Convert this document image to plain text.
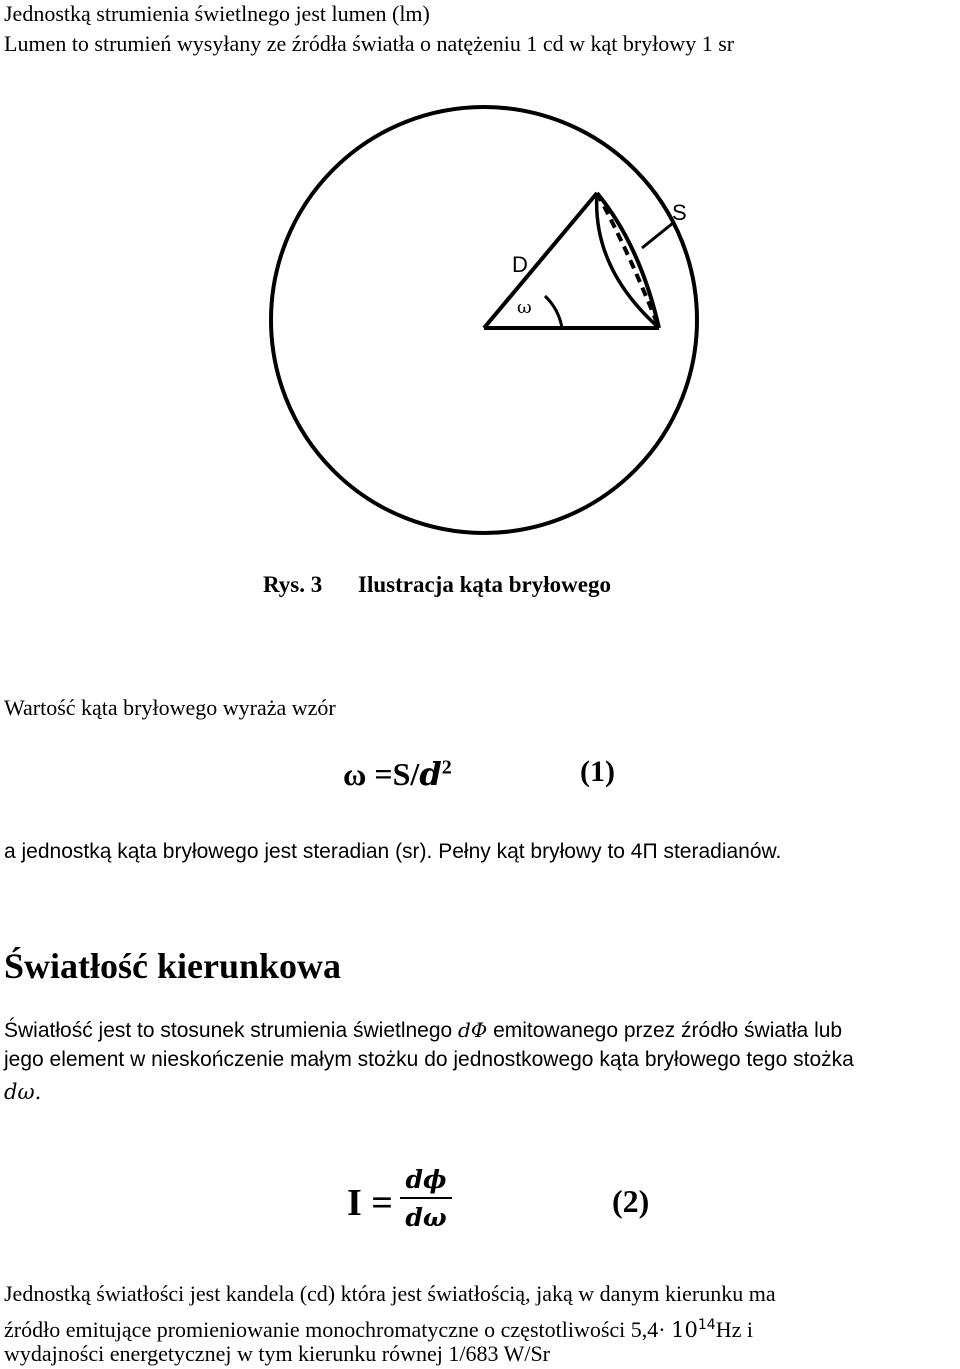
Jednostką strumienia świetlnego jest lumen (lm)
Lumen to strumień wysyłany ze źródła światła o natężeniu 1 cd w kąt bryłowy 1 sr
D
ω
S
Rys. 3 Ilustracja kąta bryłowego
Wartość kąta bryłowego wyraża wzór
$\omega =S/d^2$	(1)
a jednostką kąta bryłowego jest steradian (sr). Pełny kąt bryłowy to 4Π steradianów.
Światłość kierunkowa
Światłość jest to stosunek strumienia świetlnego dΦ emitowanego przez źródło światła lub
jego element w nieskończenie małym stożku do jednostkowego kąta bryłowego tego stożka
dω.
$I = \frac{d\phi}{d\omega}$	(2)
Jednostką światłości jest kandela (cd) która jest światłością, jaką w danym kierunku ma
źródło emitujące promieniowanie monochromatyczne o częstotliwości $5,4\cdot 10^{14}Hz$ i
wydajności energetycznej w tym kierunku równej 1/683 W/Sr
